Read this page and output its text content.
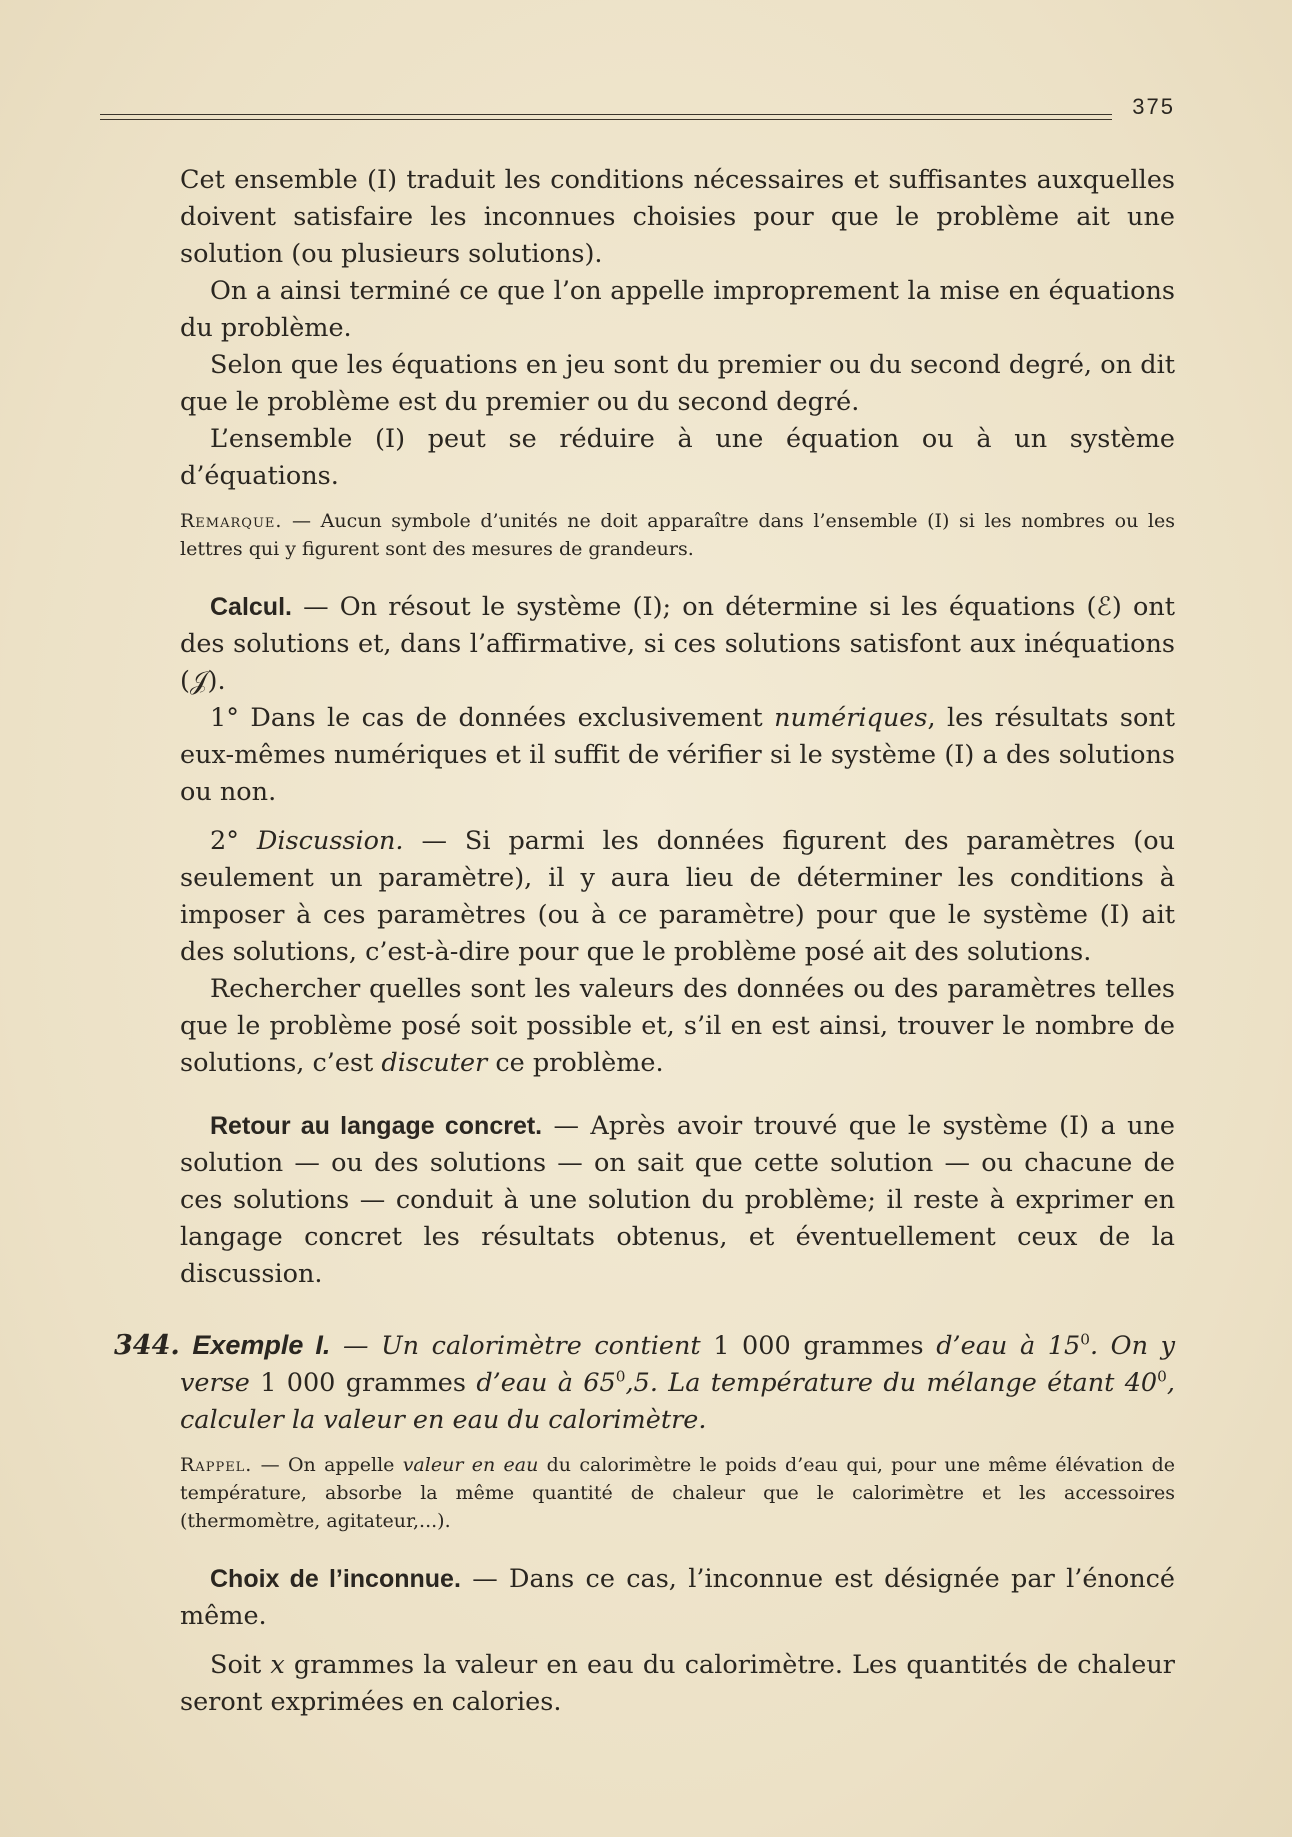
375

Cet ensemble (I) traduit les conditions nécessaires et suffisantes auxquelles doivent satisfaire les inconnues choisies pour que le problème ait une solution (ou plusieurs solutions).

On a ainsi terminé ce que l’on appelle improprement la mise en équations du problème.

Selon que les équations en jeu sont du premier ou du second degré, on dit que le problème est du premier ou du second degré.

L’ensemble (I) peut se réduire à une équation ou à un système d’équations.

Remarque. — Aucun symbole d’unités ne doit apparaître dans l’ensemble (I) si les nombres ou les lettres qui y figurent sont des mesures de grandeurs.

Calcul. — On résout le système (I); on détermine si les équations (ℰ) ont des solutions et, dans l’affirmative, si ces solutions satisfont aux inéquations (𝒥).

1° Dans le cas de données exclusivement numériques, les résultats sont eux-mêmes numériques et il suffit de vérifier si le système (I) a des solutions ou non.

2° Discussion. — Si parmi les données figurent des paramètres (ou seulement un paramètre), il y aura lieu de déterminer les conditions à imposer à ces paramètres (ou à ce paramètre) pour que le système (I) ait des solutions, c’est-à-dire pour que le problème posé ait des solutions.

Rechercher quelles sont les valeurs des données ou des paramètres telles que le problème posé soit possible et, s’il en est ainsi, trouver le nombre de solutions, c’est discuter ce problème.

Retour au langage concret. — Après avoir trouvé que le système (I) a une solution — ou des solutions — on sait que cette solution — ou chacune de ces solutions — conduit à une solution du problème; il reste à exprimer en langage concret les résultats obtenus, et éventuellement ceux de la discussion.

344. Exemple I. — Un calorimètre contient 1 000 grammes d’eau à $15^0$. On y verse 1 000 grammes d’eau à $65^0,5$. La température du mélange étant $40^0$, calculer la valeur en eau du calorimètre.

Rappel. — On appelle valeur en eau du calorimètre le poids d’eau qui, pour une même élévation de température, absorbe la même quantité de chaleur que le calorimètre et les accessoires (thermomètre, agitateur,...).

Choix de l’inconnue. — Dans ce cas, l’inconnue est désignée par l’énoncé même.

Soit x grammes la valeur en eau du calorimètre. Les quantités de chaleur seront exprimées en calories.
